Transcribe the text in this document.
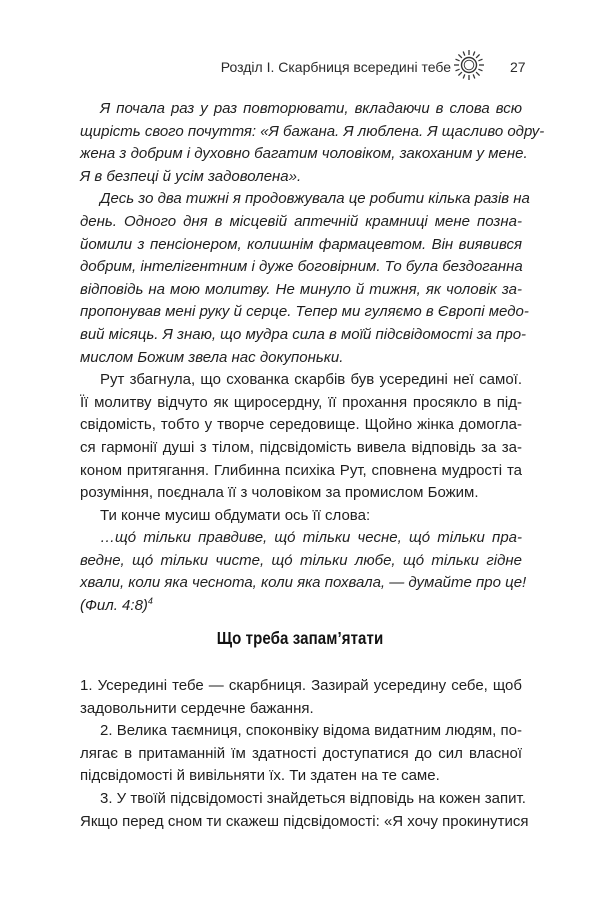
Розділ І. Скарбниця всередині тебе	27
Я почала раз у раз повторювати, вкладаючи в слова всю
щирість свого почуття: «Я бажана. Я люблена. Я щасливо одру-
жена з добрим і духовно багатим чоловіком, закоханим у мене.
Я в безпеці й усім задоволена».
Десь зо два тижні я продовжувала це робити кілька разів на
день. Одного дня в місцевій аптечній крамниці мене позна-
йомили з пенсіонером, колишнім фармацевтом. Він виявився
добрим, інтелігентним і дуже боговірним. То була бездоганна
відповідь на мою молитву. Не минуло й тижня, як чоловік за-
пропонував мені руку й серце. Тепер ми гуляємо в Європі медо-
вий місяць. Я знаю, що мудра сила в моїй підсвідомості за про-
мислом Божим звела нас докупоньки.
Рут збагнула, що схованка скарбів був усередині неї самої.
Її молитву відчуто як щиросердну, її прохання просякло в під-
свідомість, тобто у творче середовище. Щойно жінка домогла-
ся гармонії душі з тілом, підсвідомість вивела відповідь за за-
коном притягання. Глибинна психіка Рут, сповнена мудрості та
розуміння, поєднала її з чоловіком за промислом Божим.
Ти конче мусиш обдумати ось її слова:
…що́ тільки правдиве, що́ тільки чесне, що́ тільки пра-
ведне, що́ тільки чисте, що́ тільки любе, що́ тільки гідне
хвали, коли яка чеснота, коли яка похвала, — думайте про це!
(Фил. 4:8)$^4$
Що треба запам’ятати
1. Усередині тебе — скарбниця. Зазирай усередину себе, щоб
задовольнити сердечне бажання.
2. Велика таємниця, споконвіку відома видатним людям, по-
лягає в притаманній їм здатності доступатися до сил власної
підсвідомості й вивільняти їх. Ти здатен на те саме.
3. У твоїй підсвідомості знайдеться відповідь на кожен запит.
Якщо перед сном ти скажеш підсвідомості: «Я хочу прокинутися
